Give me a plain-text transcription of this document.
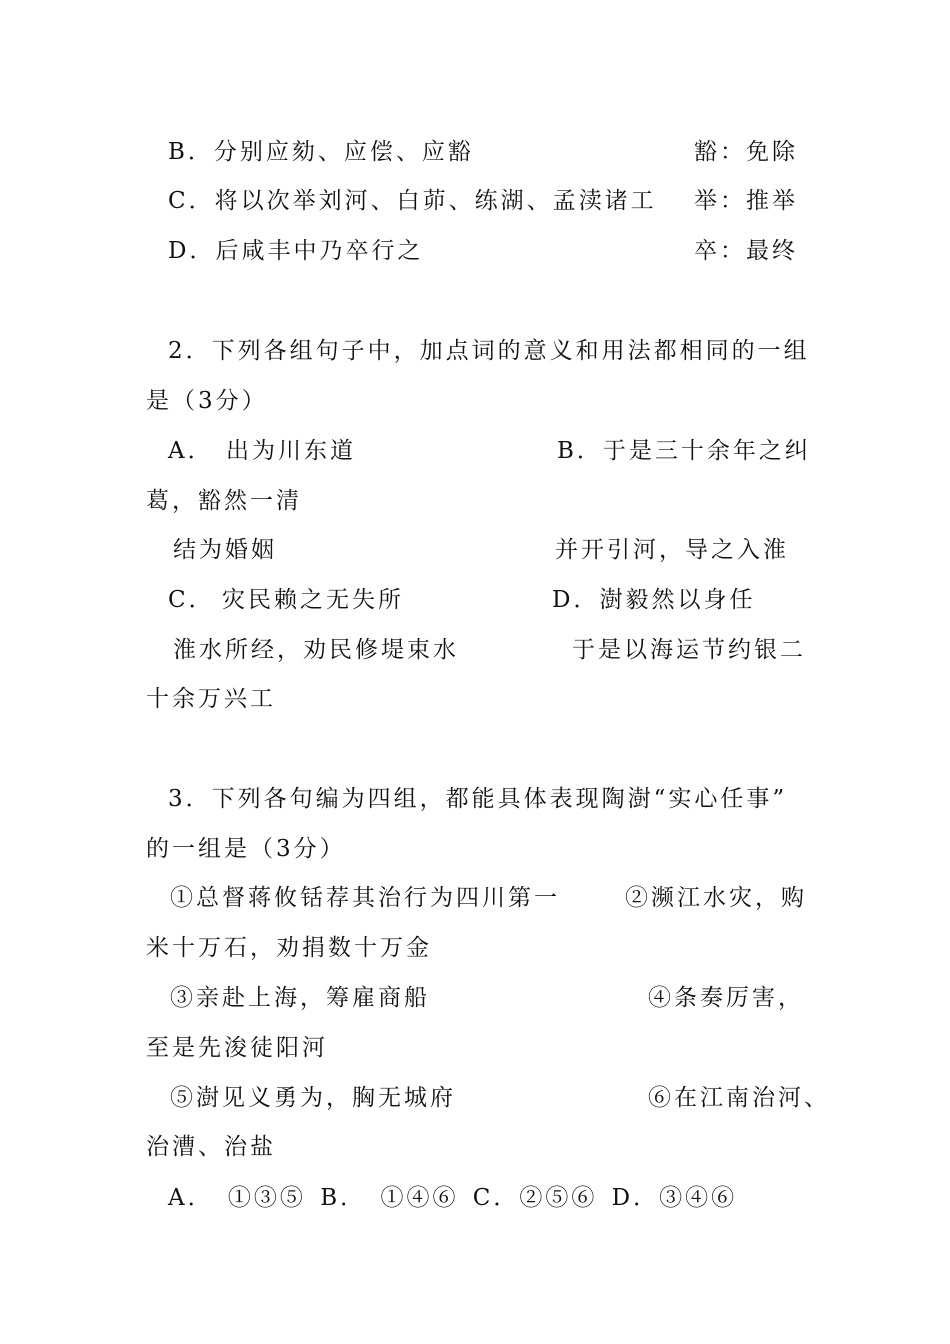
B．分别应劾、应偿、应豁	豁：免除
C．将以次举刘河、白茆、练湖、孟渎诸工 举：推举
D．后咸丰中乃卒行之	卒：最终
2．下列各组句子中，加点词的意义和用法都相同的一组
是（3分）
A． 出为川东道	B．于是三十余年之纠
葛，豁然一清
结为婚姻	并开引河，导之入淮
C． 灾民赖之无失所	D．澍毅然以身任
淮水所经，劝民修堤束水	于是以海运节约银二
十余万兴工
3．下列各句编为四组，都能具体表现陶澍“实心任事”
的一组是（3分）
①总督蒋攸铦荐其治行为四川第一	②濒江水灾，购
米十万石，劝捐数十万金
③亲赴上海，筹雇商船	④条奏厉害，
至是先浚徒阳河
⑤澍见义勇为，胸无城府	⑥在江南治河、
治漕、治盐
A． ①③⑤ B． ①④⑥ C．②⑤⑥ D．③④⑥
